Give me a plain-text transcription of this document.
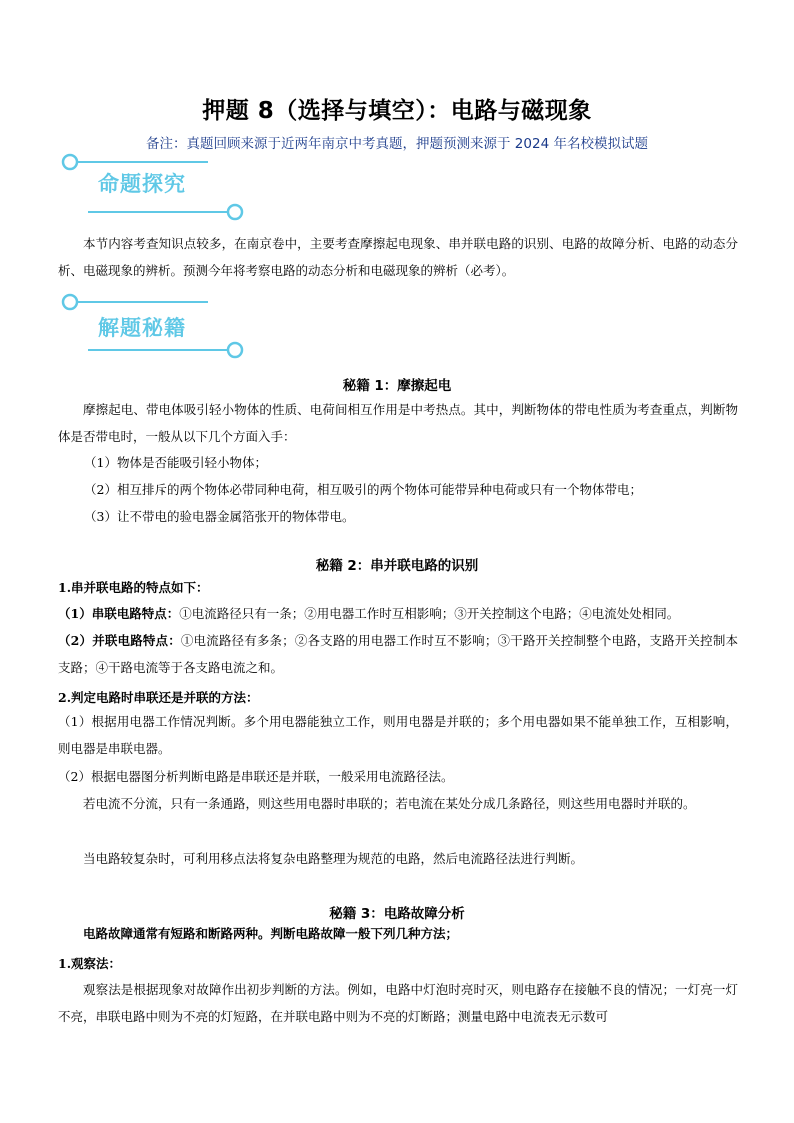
押题 8（选择与填空）：电路与磁现象
备注：真题回顾来源于近两年南京中考真题，押题预测来源于 2024 年名校模拟试题
命题探究
本节内容考查知识点较多，在南京卷中，主要考查摩擦起电现象、串并联电路的识别、电路的故障分析、电路的动态分析、电磁现象的辨析。预测今年将考察电路的动态分析和电磁现象的辨析（必考）。
解题秘籍
秘籍 1：摩擦起电
摩擦起电、带电体吸引轻小物体的性质、电荷间相互作用是中考热点。其中，判断物体的带电性质为考查重点，判断物体是否带电时，一般从以下几个方面入手：
（1）物体是否能吸引轻小物体；
（2）相互排斥的两个物体必带同种电荷，相互吸引的两个物体可能带异种电荷或只有一个物体带电；
（3）让不带电的验电器金属箔张开的物体带电。
秘籍 2：串并联电路的识别
1.串并联电路的特点如下：
（1）串联电路特点：①电流路径只有一条；②用电器工作时互相影响；③开关控制这个电路；④电流处处相同。
（2）并联电路特点：①电流路径有多条；②各支路的用电器工作时互不影响；③干路开关控制整个电路，支路开关控制本支路；④干路电流等于各支路电流之和。
2.判定电路时串联还是并联的方法：
（1）根据用电器工作情况判断。多个用电器能独立工作，则用电器是并联的；多个用电器如果不能单独工作，互相影响，则电器是串联电器。
（2）根据电器图分析判断电路是串联还是并联，一般采用电流路径法。
若电流不分流，只有一条通路，则这些用电器时串联的；若电流在某处分成几条路径，则这些用电器时并联的。
当电路较复杂时，可利用移点法将复杂电路整理为规范的电路，然后电流路径法进行判断。
秘籍 3：电路故障分析
电路故障通常有短路和断路两种。判断电路故障一般下列几种方法；
1.观察法：
观察法是根据现象对故障作出初步判断的方法。例如，电路中灯泡时亮时灭，则电路存在接触不良的情况；一灯亮一灯不亮，串联电路中则为不亮的灯短路，在并联电路中则为不亮的灯断路；测量电路中电流表无示数可
